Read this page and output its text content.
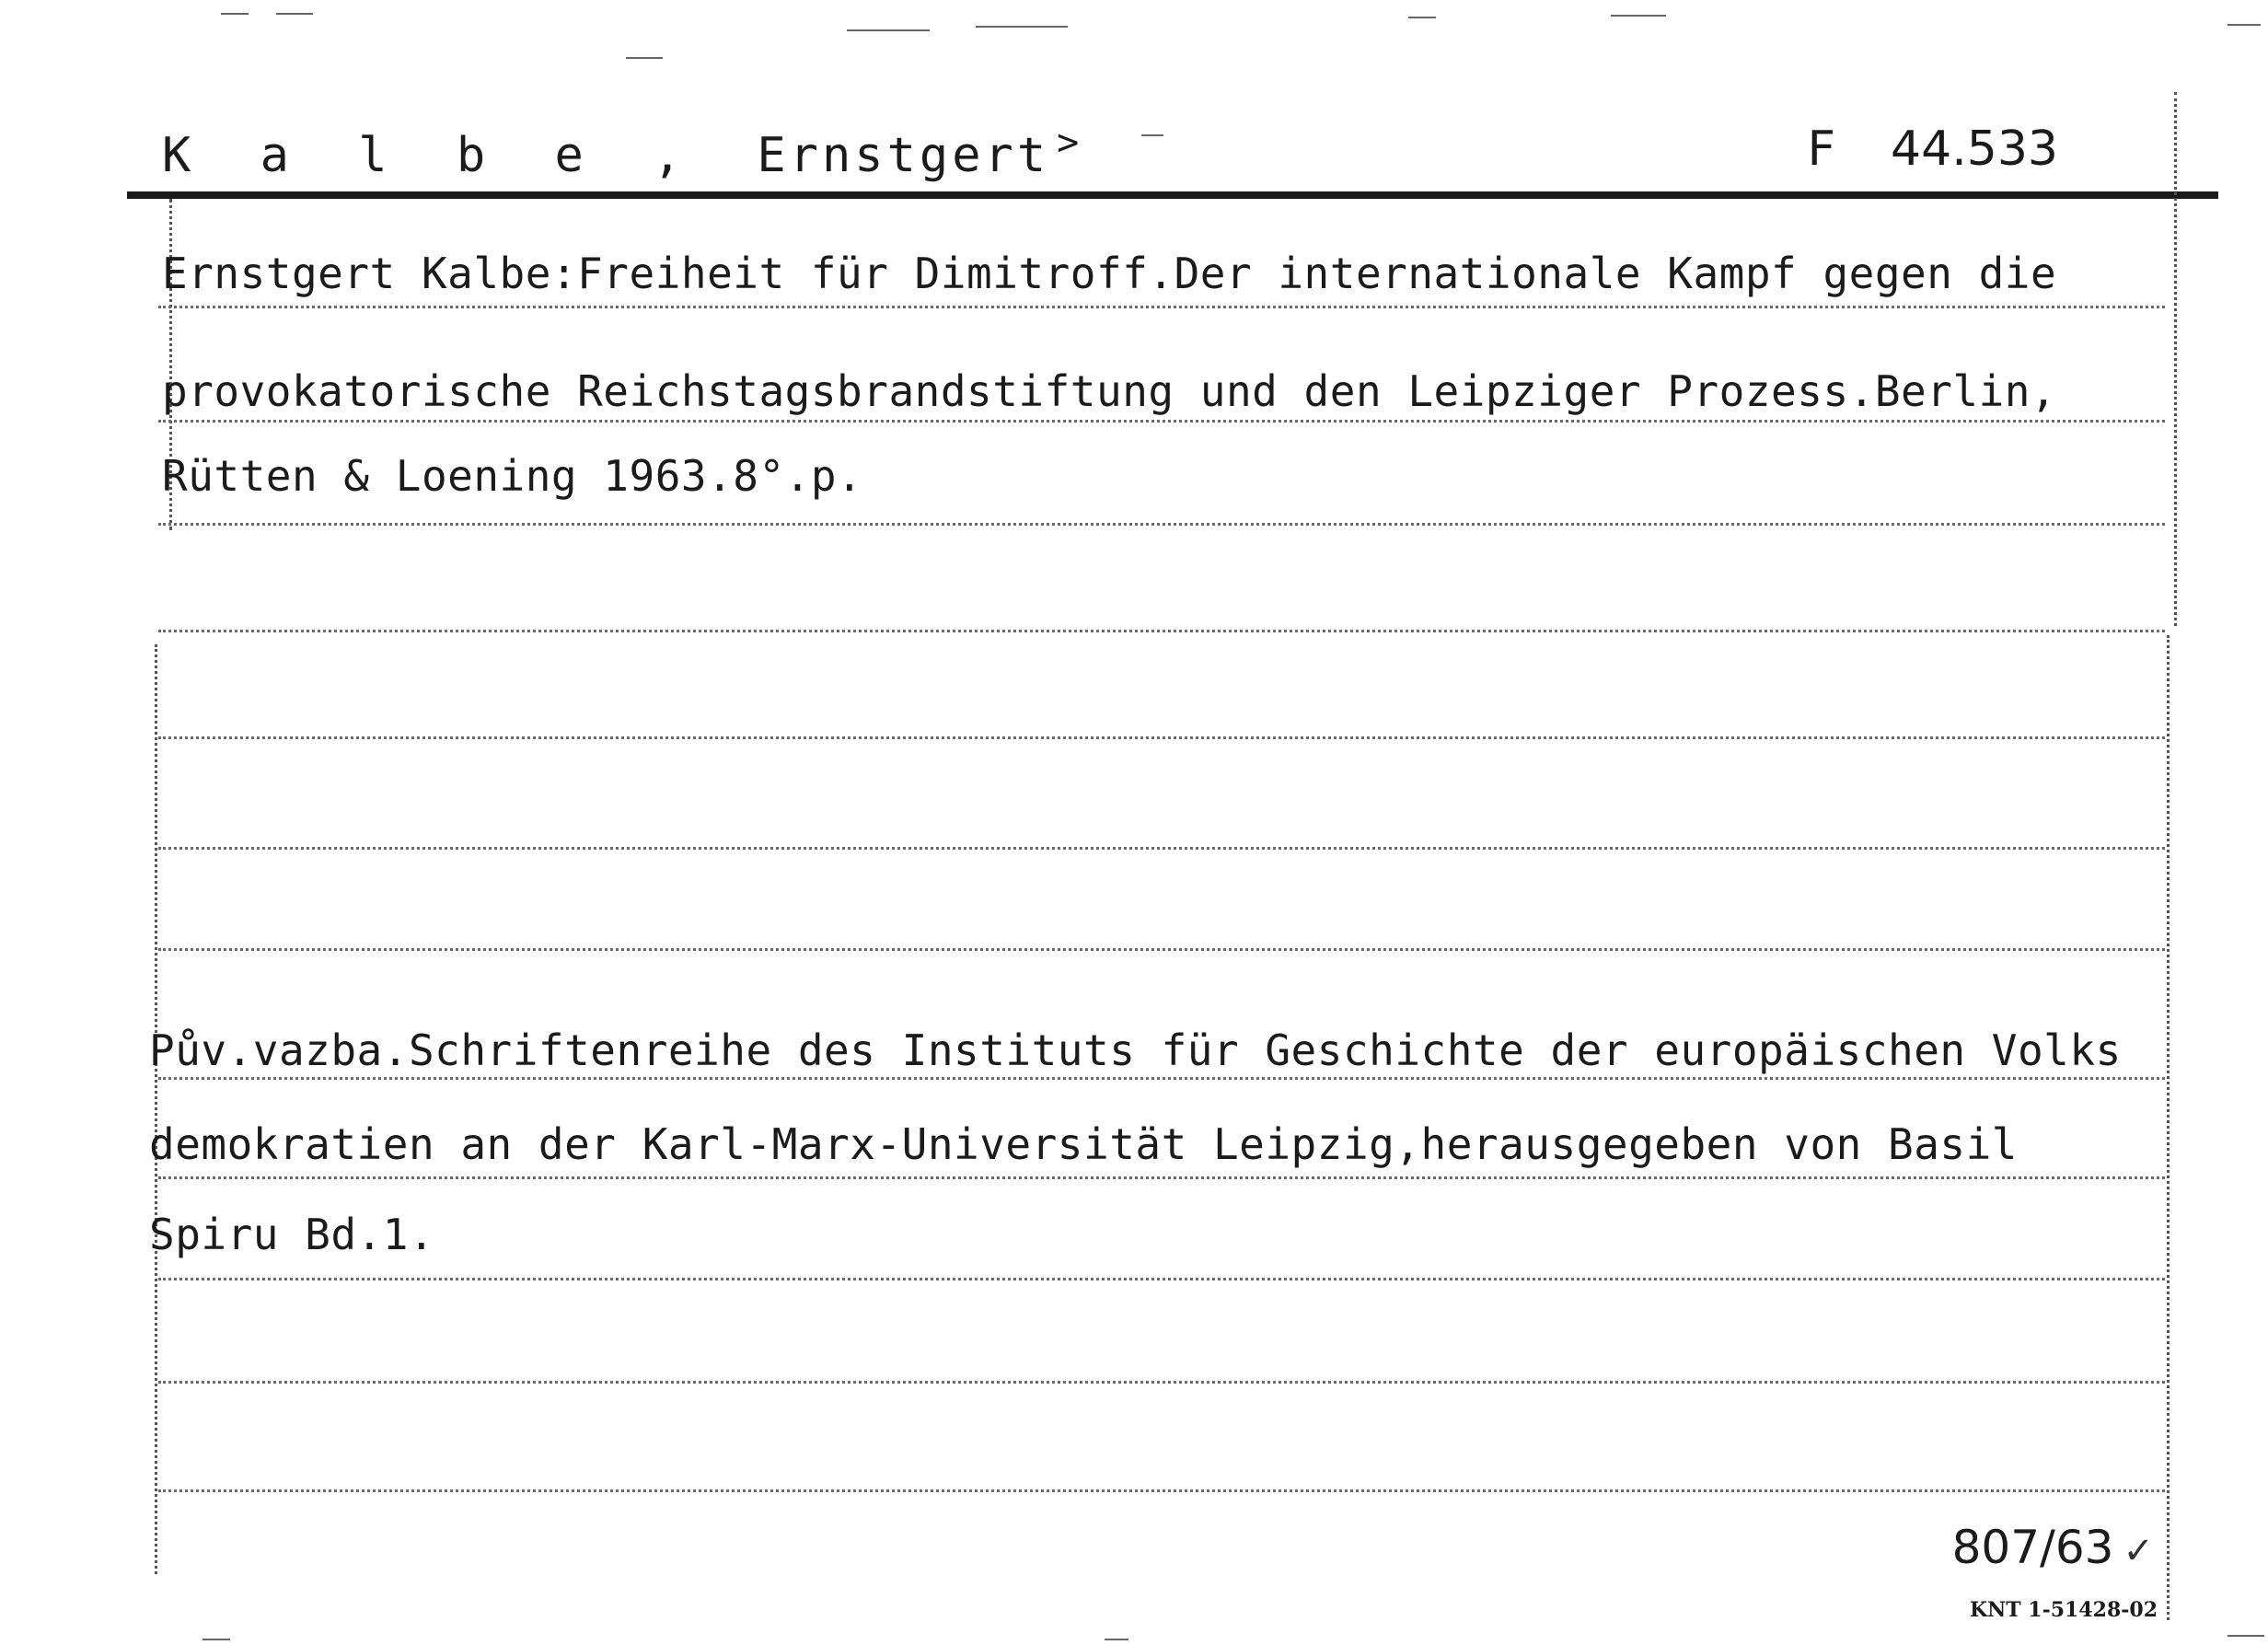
K a l b e , Ernstgert >	F 44.533
Ernstgert Kalbe:Freiheit für Dimitroff.Der internationale Kampf gegen die
provokatorische Reichstagsbrandstiftung und den Leipziger Prozess.Berlin,
Rütten & Loening 1963.8°.p.
Pův.vazba.Schriftenreihe des Instituts für Geschichte der europäischen Volks
demokratien an der Karl-Marx-Universität Leipzig,herausgegeben von Basil
Spiru Bd.1.
807/63 ✓
KNT 1-51428-02
